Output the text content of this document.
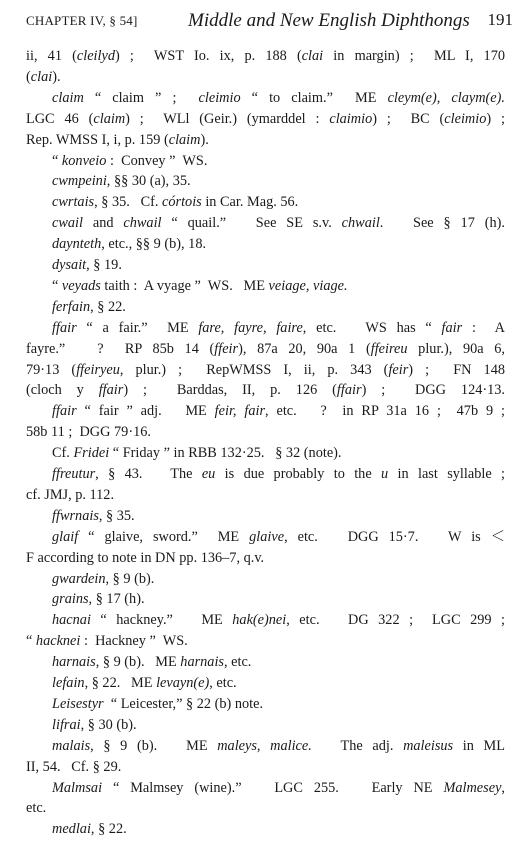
CHAPTER IV, § 54]	Middle and New English Diphthongs 191
ii, 41 (cleilyd) ;  WST Io. ix, p. 188 (clai in margin) ;  ML I, 170
(clai).
claim “ claim ” ;  cleimio “ to claim.”  ME cleym(e), claym(e).
LGC 46 (claim) ;  WLl (Geir.) (ymarddel : claimio) ;  BC (cleimio) ;
Rep. WMSS I, i, p. 159 (claim).
“ konveio :  Convey ”  WS.
cwmpeini, §§ 30 (a), 35.
cwrtais, § 35.   Cf. córtois in Car. Mag. 56.
cwail and chwail “ quail.”   See SE s.v. chwail.   See § 17 (h).
daynteth, etc., §§ 9 (b), 18.
dysait, § 19.
“ veyads taith :  A vyage ”  WS.   ME veiage, viage.
ferfain, § 22.
ffair “ a fair.”  ME fare, fayre, faire, etc.   WS has “ fair :  A
fayre.”   ?  RP 85b 14 (ffeir), 87a 20, 90a 1 (ffeireu plur.), 90a 6,
79·13 (ffeiryeu, plur.) ;  RepWMSS I, ii, p. 343 (feir) ;  FN 148
(cloch y ffair) ;  Barddas, II, p. 126 (ffair) ;  DGG 124·13.
ffair “ fair ” adj.   ME feir, fair, etc.   ?  in RP 31a 16 ;  47b 9 ;
58b 11 ;  DGG 79·16.
Cf. Fridei “ Friday ” in RBB 132·25.   § 32 (note).
ffreutur, § 43.   The eu is due probably to the u in last syllable ;
cf. JMJ, p. 112.
ffwrnais, § 35.
glaif “ glaive, sword.”  ME glaive, etc.   DGG 15·7.   W is ＜
F according to note in DN pp. 136–7, q.v.
gwardein, § 9 (b).
grains, § 17 (h).
hacnai “ hackney.”   ME hak(e)nei, etc.   DG 322 ;  LGC 299 ;
“ hacknei :  Hackney ”  WS.
harnais, § 9 (b).   ME harnais, etc.
lefain, § 22.   ME levayn(e), etc.
Leisestyr  “ Leicester,” § 22 (b) note.
lifrai, § 30 (b).
malais, § 9 (b).   ME maleys, malice.   The adj. maleisus in ML
II, 54.   Cf. § 29.
Malmsai “ Malmsey (wine).”   LGC 255.   Early NE Malmesey,
etc.
medlai, § 22.
